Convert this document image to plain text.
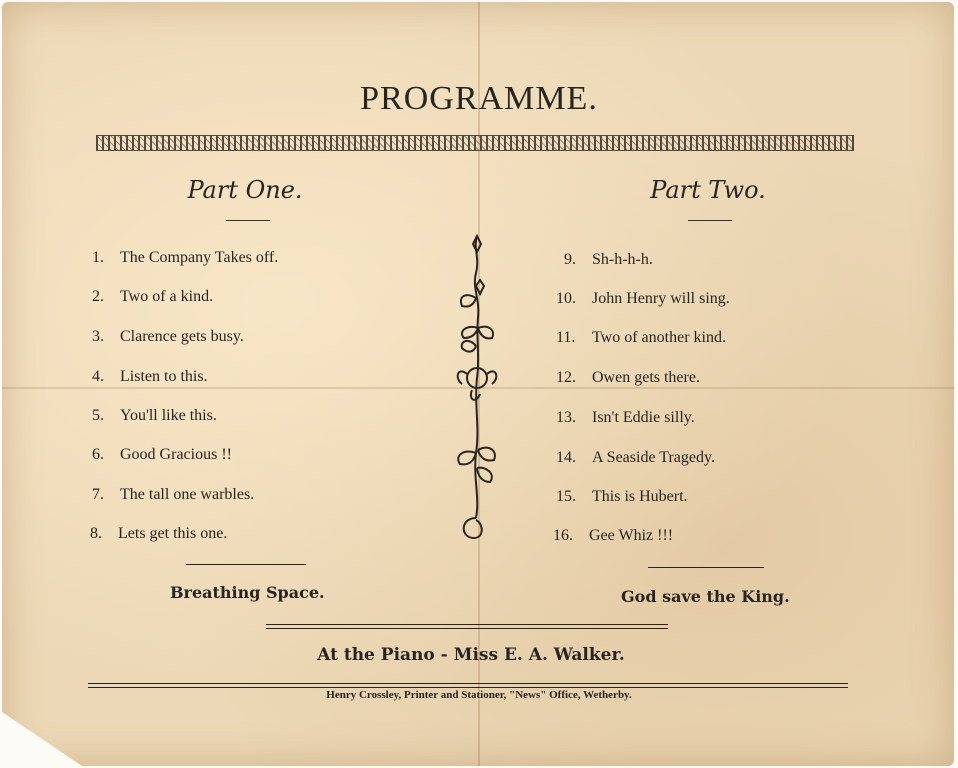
PROGRAMME.
Part One.	Part Two.
1. The Company Takes off.
2. Two of a kind.
3. Clarence gets busy.
4. Listen to this.
5. You'll like this.
6. Good Gracious !!
7. The tall one warbles.
8. Lets get this one.
9. Sh-h-h-h.
10. John Henry will sing.
11. Two of another kind.
12. Owen gets there.
13. Isn't Eddie silly.
14. A Seaside Tragedy.
15. This is Hubert.
16. Gee Whiz !!!
Breathing Space.	God save the King.
At the Piano - Miss E. A. Walker.
Henry Crossley, Printer and Stationer, "News" Office, Wetherby.
